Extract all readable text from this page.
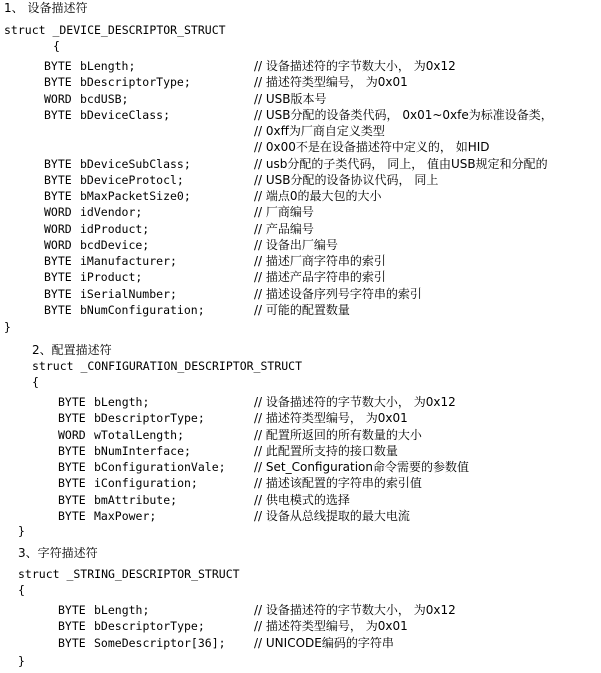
1、 设备描述符
struct _DEVICE_DESCRIPTOR_STRUCT
{
BYTE bLength;	// 设备描述符的字节数大小， 为0x12
BYTE bDescriptorType;	// 描述符类型编号， 为0x01
WORD bcdUSB;	// USB版本号
BYTE bDeviceClass;	// USB分配的设备类代码， 0x01~0xfe为标准设备类，
// 0xff为厂商自定义类型
// 0x00不是在设备描述符中定义的， 如HID
BYTE bDeviceSubClass;	// usb分配的子类代码， 同上， 值由USB规定和分配的
BYTE bDeviceProtocl;	// USB分配的设备协议代码， 同上
BYTE bMaxPacketSize0;	// 端点0的最大包的大小
WORD idVendor;	// 厂商编号
WORD idProduct;	// 产品编号
WORD bcdDevice;	// 设备出厂编号
BYTE iManufacturer;	// 描述厂商字符串的索引
BYTE iProduct;	// 描述产品字符串的索引
BYTE iSerialNumber;	// 描述设备序列号字符串的索引
BYTE bNumConfiguration;	// 可能的配置数量
}
2、配置描述符
struct _CONFIGURATION_DESCRIPTOR_STRUCT
{
BYTE bLength;	// 设备描述符的字节数大小， 为0x12
BYTE bDescriptorType;	// 描述符类型编号， 为0x01
WORD wTotalLength;	// 配置所返回的所有数量的大小
BYTE bNumInterface;	// 此配置所支持的接口数量
BYTE bConfigurationVale; // Set_Configuration命令需要的参数值
BYTE iConfiguration;	// 描述该配置的字符串的索引值
BYTE bmAttribute;	// 供电模式的选择
BYTE MaxPower;	// 设备从总线提取的最大电流
}
3、字符描述符
struct _STRING_DESCRIPTOR_STRUCT
{
BYTE bLength;	// 设备描述符的字节数大小， 为0x12
BYTE bDescriptorType;	// 描述符类型编号， 为0x01
BYTE SomeDescriptor[36]; // UNICODE编码的字符串
}
